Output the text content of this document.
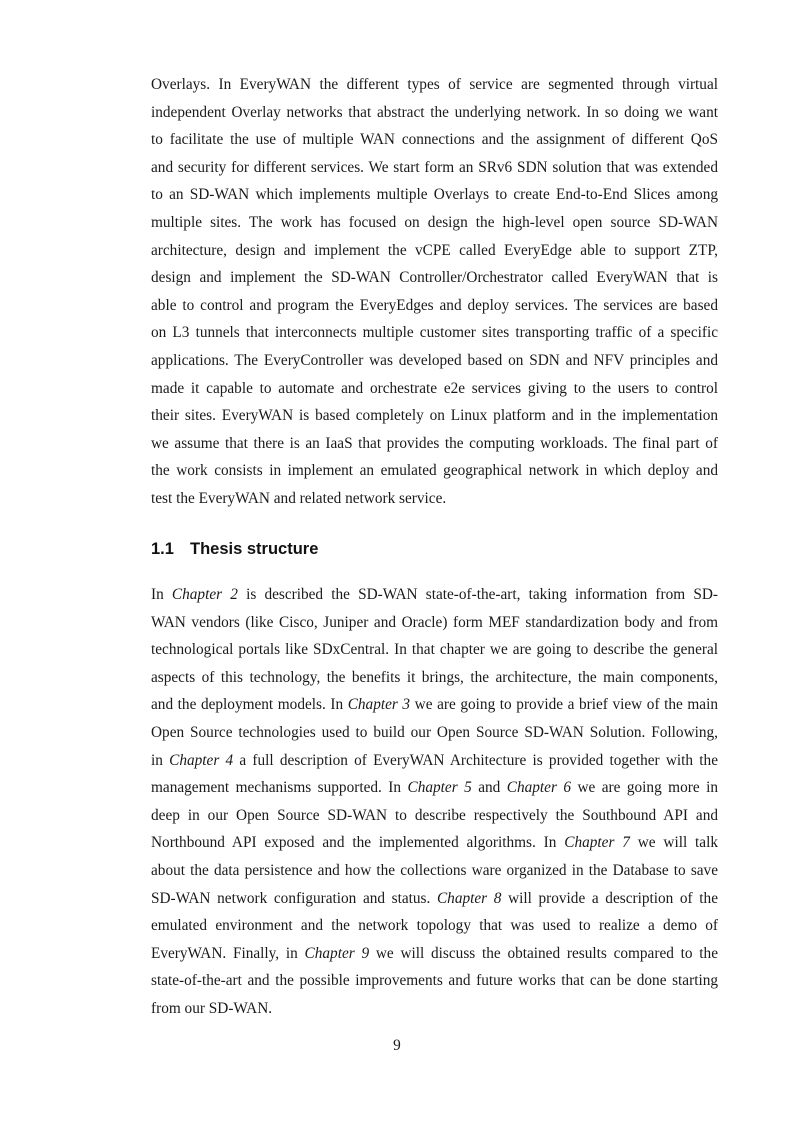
Overlays. In EveryWAN the different types of service are segmented through virtual
independent Overlay networks that abstract the underlying network. In so doing we want
to facilitate the use of multiple WAN connections and the assignment of different QoS
and security for different services. We start form an SRv6 SDN solution that was extended
to an SD-WAN which implements multiple Overlays to create End-to-End Slices among
multiple sites. The work has focused on design the high-level open source SD-WAN
architecture, design and implement the vCPE called EveryEdge able to support ZTP,
design and implement the SD-WAN Controller/Orchestrator called EveryWAN that is
able to control and program the EveryEdges and deploy services. The services are based
on L3 tunnels that interconnects multiple customer sites transporting traffic of a specific
applications. The EveryController was developed based on SDN and NFV principles and
made it capable to automate and orchestrate e2e services giving to the users to control
their sites. EveryWAN is based completely on Linux platform and in the implementation
we assume that there is an IaaS that provides the computing workloads. The final part of
the work consists in implement an emulated geographical network in which deploy and
test the EveryWAN and related network service.

1.1 Thesis structure

In Chapter 2 is described the SD-WAN state-of-the-art, taking information from SD-
WAN vendors (like Cisco, Juniper and Oracle) form MEF standardization body and from
technological portals like SDxCentral. In that chapter we are going to describe the general
aspects of this technology, the benefits it brings, the architecture, the main components,
and the deployment models. In Chapter 3 we are going to provide a brief view of the main
Open Source technologies used to build our Open Source SD-WAN Solution. Following,
in Chapter 4 a full description of EveryWAN Architecture is provided together with the
management mechanisms supported. In Chapter 5 and Chapter 6 we are going more in
deep in our Open Source SD-WAN to describe respectively the Southbound API and
Northbound API exposed and the implemented algorithms. In Chapter 7 we will talk
about the data persistence and how the collections ware organized in the Database to save
SD-WAN network configuration and status. Chapter 8 will provide a description of the
emulated environment and the network topology that was used to realize a demo of
EveryWAN. Finally, in Chapter 9 we will discuss the obtained results compared to the
state-of-the-art and the possible improvements and future works that can be done starting
from our SD-WAN.

9
